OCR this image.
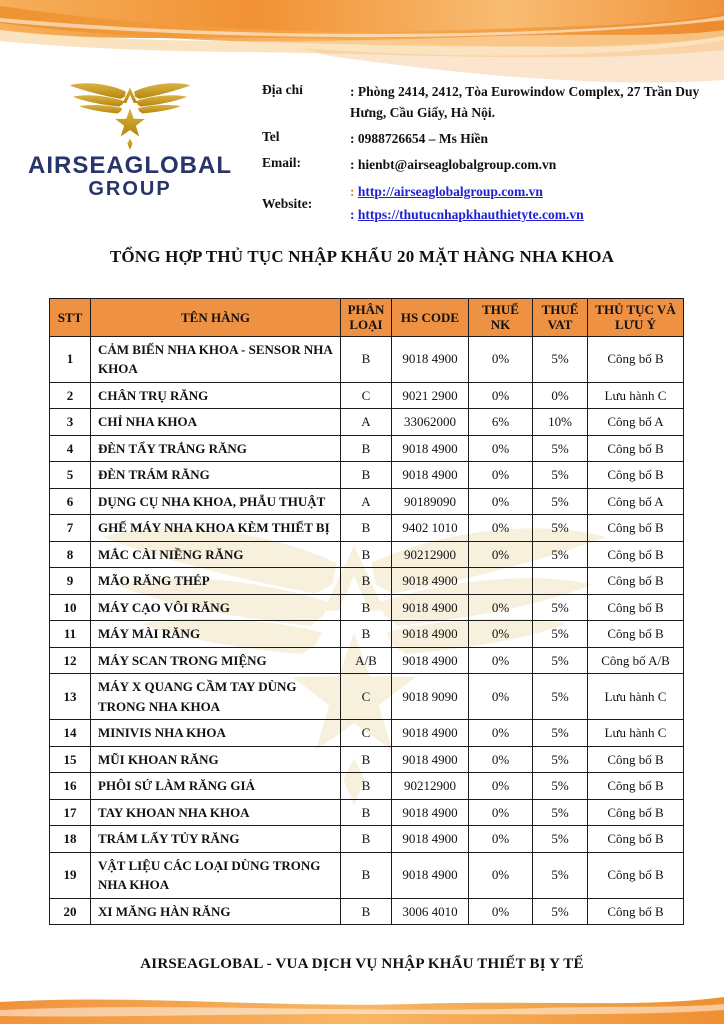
AIRSEAGLOBAL
GROUP
Địa chỉ	: Phòng 2414, 2412, Tòa Eurowindow Complex, 27 Trần Duy Hưng, Cầu Giấy, Hà Nội.
Tel	: 0988726654 – Ms Hiền
Email:	: hienbt@airseaglobalgroup.com.vn
Website:
: http://airseaglobalgroup.com.vn
: https://thutucnhapkhauthietyte.com.vn
TỔNG HỢP THỦ TỤC NHẬP KHẨU 20 MẶT HÀNG NHA KHOA
STT	TÊN HÀNG	PHÂN LOẠI	HS CODE	THUẾ NK	THUẾ VAT	THỦ TỤC VÀ LƯU Ý
1	CẢM BIẾN NHA KHOA - SENSOR NHA KHOA	B	9018 4900	0%	5%	Công bố B
2	CHÂN TRỤ RĂNG	C	9021 2900	0%	0%	Lưu hành C
3	CHỈ NHA KHOA	A	33062000	6%	10%	Công bố A
4	ĐÈN TẨY TRẮNG RĂNG	B	9018 4900	0%	5%	Công bố B
5	ĐÈN TRÁM RĂNG	B	9018 4900	0%	5%	Công bố B
6	DỤNG CỤ NHA KHOA, PHẪU THUẬT	A	90189090	0%	5%	Công bố A
7	GHẾ MÁY NHA KHOA KÈM THIẾT BỊ	B	9402 1010	0%	5%	Công bố B
8	MẮC CÀI NIỀNG RĂNG	B	90212900	0%	5%	Công bố B
9	MÃO RĂNG THÉP	B	9018 4900			Công bố B
10	MÁY CẠO VÔI RĂNG	B	9018 4900	0%	5%	Công bố B
11	MÁY MÀI RĂNG	B	9018 4900	0%	5%	Công bố B
12	MÁY SCAN TRONG MIỆNG	A/B	9018 4900	0%	5%	Công bố A/B
13	MÁY X QUANG CẦM TAY DÙNG TRONG NHA KHOA	C	9018 9090	0%	5%	Lưu hành C
14	MINIVIS NHA KHOA	C	9018 4900	0%	5%	Lưu hành C
15	MŨI KHOAN RĂNG	B	9018 4900	0%	5%	Công bố B
16	PHÔI SỨ LÀM RĂNG GIẢ	B	90212900	0%	5%	Công bố B
17	TAY KHOAN NHA KHOA	B	9018 4900	0%	5%	Công bố B
18	TRÁM LẤY TỦY RĂNG	B	9018 4900	0%	5%	Công bố B
19	VẬT LIỆU CÁC LOẠI DÙNG TRONG NHA KHOA	B	9018 4900	0%	5%	Công bố B
20	XI MĂNG HÀN RĂNG	B	3006 4010	0%	5%	Công bố B
AIRSEAGLOBAL - VUA DỊCH VỤ NHẬP KHẨU THIẾT BỊ Y TẾ
